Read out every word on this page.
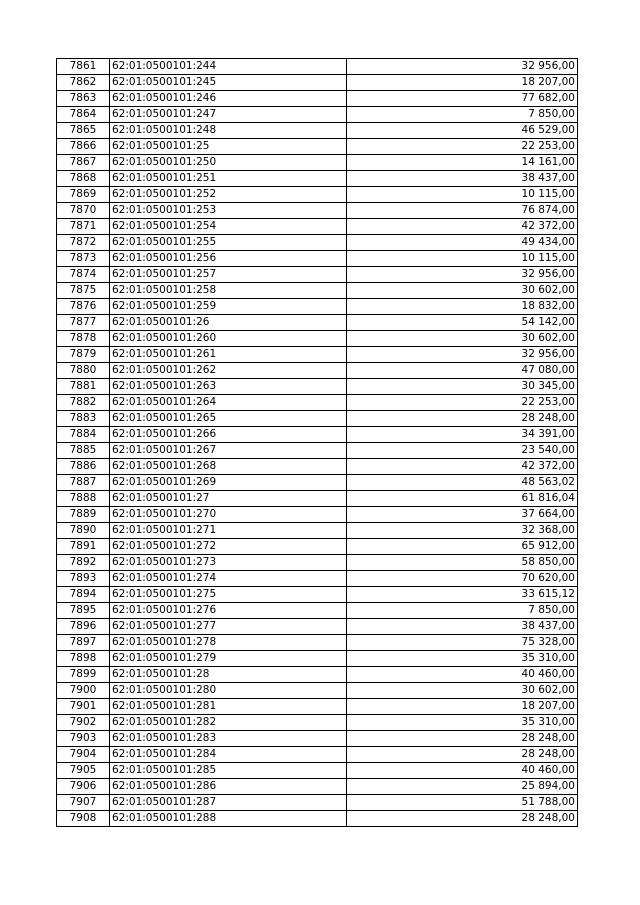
7861	62:01:0500101:244	32 956,00
7862	62:01:0500101:245	18 207,00
7863	62:01:0500101:246	77 682,00
7864	62:01:0500101:247	7 850,00
7865	62:01:0500101:248	46 529,00
7866	62:01:0500101:25	22 253,00
7867	62:01:0500101:250	14 161,00
7868	62:01:0500101:251	38 437,00
7869	62:01:0500101:252	10 115,00
7870	62:01:0500101:253	76 874,00
7871	62:01:0500101:254	42 372,00
7872	62:01:0500101:255	49 434,00
7873	62:01:0500101:256	10 115,00
7874	62:01:0500101:257	32 956,00
7875	62:01:0500101:258	30 602,00
7876	62:01:0500101:259	18 832,00
7877	62:01:0500101:26	54 142,00
7878	62:01:0500101:260	30 602,00
7879	62:01:0500101:261	32 956,00
7880	62:01:0500101:262	47 080,00
7881	62:01:0500101:263	30 345,00
7882	62:01:0500101:264	22 253,00
7883	62:01:0500101:265	28 248,00
7884	62:01:0500101:266	34 391,00
7885	62:01:0500101:267	23 540,00
7886	62:01:0500101:268	42 372,00
7887	62:01:0500101:269	48 563,02
7888	62:01:0500101:27	61 816,04
7889	62:01:0500101:270	37 664,00
7890	62:01:0500101:271	32 368,00
7891	62:01:0500101:272	65 912,00
7892	62:01:0500101:273	58 850,00
7893	62:01:0500101:274	70 620,00
7894	62:01:0500101:275	33 615,12
7895	62:01:0500101:276	7 850,00
7896	62:01:0500101:277	38 437,00
7897	62:01:0500101:278	75 328,00
7898	62:01:0500101:279	35 310,00
7899	62:01:0500101:28	40 460,00
7900	62:01:0500101:280	30 602,00
7901	62:01:0500101:281	18 207,00
7902	62:01:0500101:282	35 310,00
7903	62:01:0500101:283	28 248,00
7904	62:01:0500101:284	28 248,00
7905	62:01:0500101:285	40 460,00
7906	62:01:0500101:286	25 894,00
7907	62:01:0500101:287	51 788,00
7908	62:01:0500101:288	28 248,00
